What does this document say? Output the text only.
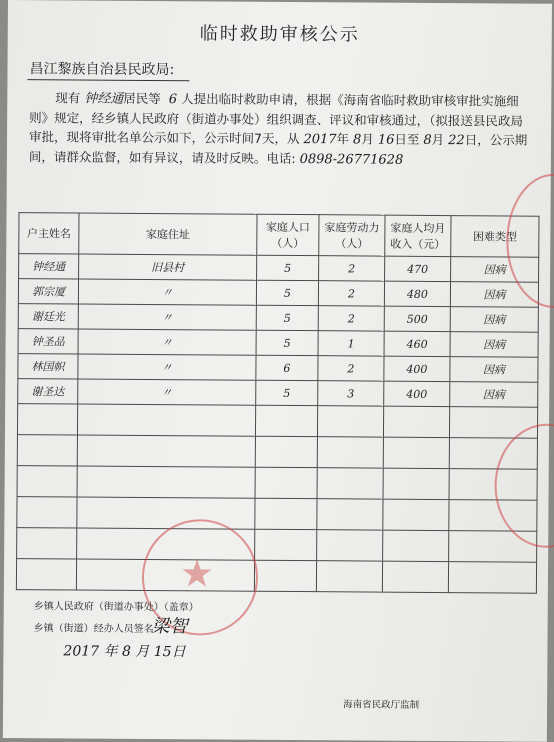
临时救助审核公示
昌江黎族自治县民政局:
现有 钟经通居民等 6 人提出临时救助申请，根据《海南省临时救助审核审批实施细则》规定，经乡镇人民政府（街道办事处）组织调查、评议和审核通过，（拟报送县民政局审批，现将审批名单公示如下，公示时间7天，从 2017年 8月 16日至 8月 22日，公示期间，请群众监督，如有异议，请及时反映。电话: 0898-26771628
户主姓名	家庭住址	家庭人口（人）	家庭劳动力（人）	家庭人均月收入（元）	困难类型
钟经通	旧县村	5	2	470	因病
郭宗厦	〃	5	2	480	因病
谢廷光	〃	5	2	500	因病
钟圣品	〃	5	1	460	因病
林国帜	〃	6	2	400	因病
谢圣达	〃	5	3	400	因病

★
乡镇人民政府（街道办事处）（盖章）
乡镇（街道）经办人员签名:
梁智
2017 年 8 月 15日
海南省民政厅监制
